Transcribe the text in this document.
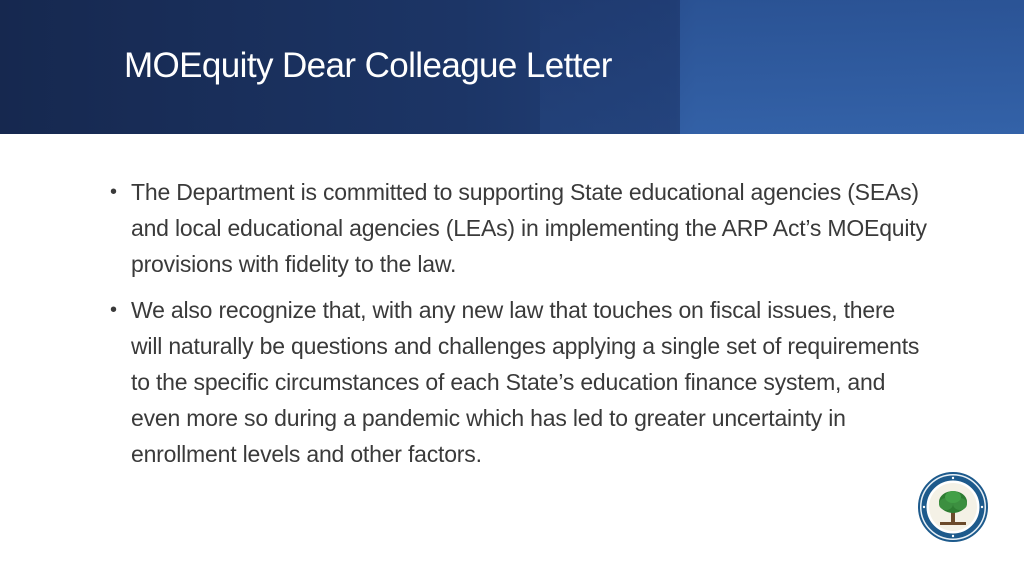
MOEquity Dear Colleague Letter
• The Department is committed to supporting State educational agencies (SEAs) and local educational agencies (LEAs) in implementing the ARP Act’s MOEquity provisions with fidelity to the law.
• We also recognize that, with any new law that touches on fiscal issues, there will naturally be questions and challenges applying a single set of requirements to the specific circumstances of each State’s education finance system, and even more so during a pandemic which has led to greater uncertainty in enrollment levels and other factors.
